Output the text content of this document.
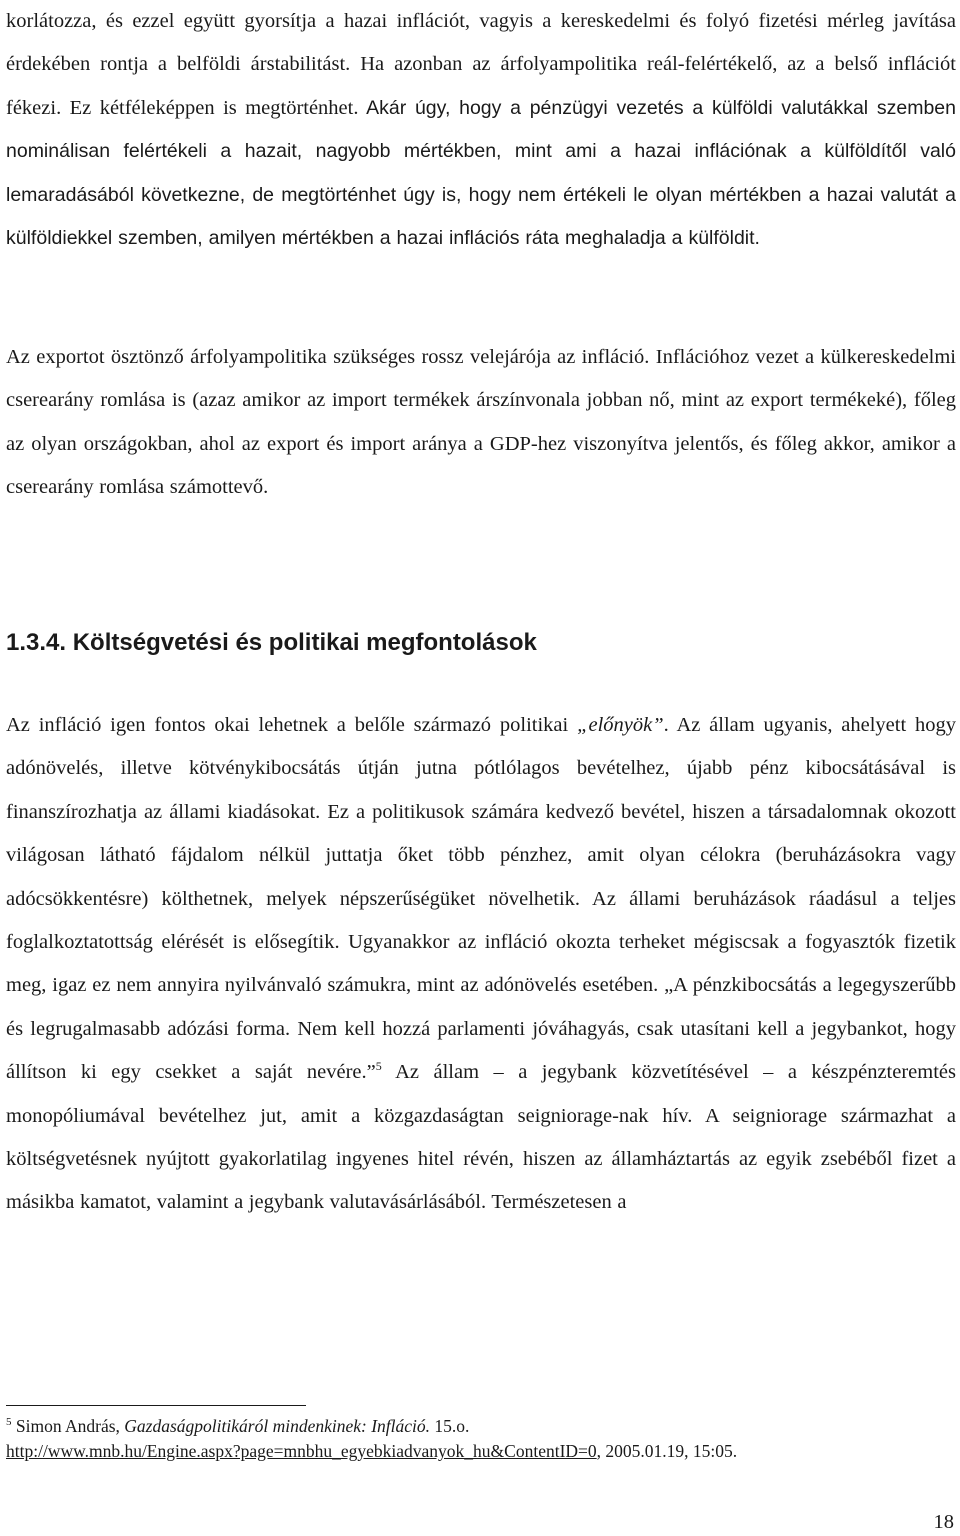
korlátozza, és ezzel együtt gyorsítja a hazai inflációt, vagyis a kereskedelmi és folyó fizetési mérleg javítása érdekében rontja a belföldi árstabilitást. Ha azonban az árfolyampolitika reál-felértékelő, az a belső inflációt fékezi. Ez kétféleképpen is megtörténhet. Akár úgy, hogy a pénzügyi vezetés a külföldi valutákkal szemben nominálisan felértékeli a hazait, nagyobb mértékben, mint ami a hazai inflációnak a külföldítől való lemaradásából következne, de megtörténhet úgy is, hogy nem értékeli le olyan mértékben a hazai valutát a külföldiekkel szemben, amilyen mértékben a hazai inflációs ráta meghaladja a külföldit.

Az exportot ösztönző árfolyampolitika szükséges rossz velejárója az infláció. Inflációhoz vezet a külkereskedelmi cserearány romlása is (azaz amikor az import termékek árszínvonala jobban nő, mint az export termékeké), főleg az olyan országokban, ahol az export és import aránya a GDP-hez viszonyítva jelentős, és főleg akkor, amikor a cserearány romlása számottevő.

1.3.4. Költségvetési és politikai megfontolások

Az infláció igen fontos okai lehetnek a belőle származó politikai „előnyök”. Az állam ugyanis, ahelyett hogy adónövelés, illetve kötvénykibocsátás útján jutna pótlólagos bevételhez, újabb pénz kibocsátásával is finanszírozhatja az állami kiadásokat. Ez a politikusok számára kedvező bevétel, hiszen a társadalomnak okozott világosan látható fájdalom nélkül juttatja őket több pénzhez, amit olyan célokra (beruházásokra vagy adócsökkentésre) költhetnek, melyek népszerűségüket növelhetik. Az állami beruházások ráadásul a teljes foglalkoztatottság elérését is elősegítik. Ugyanakkor az infláció okozta terheket mégiscsak a fogyasztók fizetik meg, igaz ez nem annyira nyilvánvaló számukra, mint az adónövelés esetében. „A pénzkibocsátás a legegyszerűbb és legrugalmasabb adózási forma. Nem kell hozzá parlamenti jóváhagyás, csak utasítani kell a jegybankot, hogy állítson ki egy csekket a saját nevére.”$^5$ Az állam – a jegybank közvetítésével – a készpénzteremtés monopóliumával bevételhez jut, amit a közgazdaságtan seigniorage-nak hív. A seigniorage származhat a költségvetésnek nyújtott gyakorlatilag ingyenes hitel révén, hiszen az államháztartás az egyik zsebéből fizet a másikba kamatot, valamint a jegybank valutavásárlásából. Természetesen a

$^5$ Simon András, Gazdaságpolitikáról mindenkinek: Infláció. 15.o.
http://www.mnb.hu/Engine.aspx?page=mnbhu_egyebkiadvanyok_hu&ContentID=0, 2005.01.19, 15:05.

18
